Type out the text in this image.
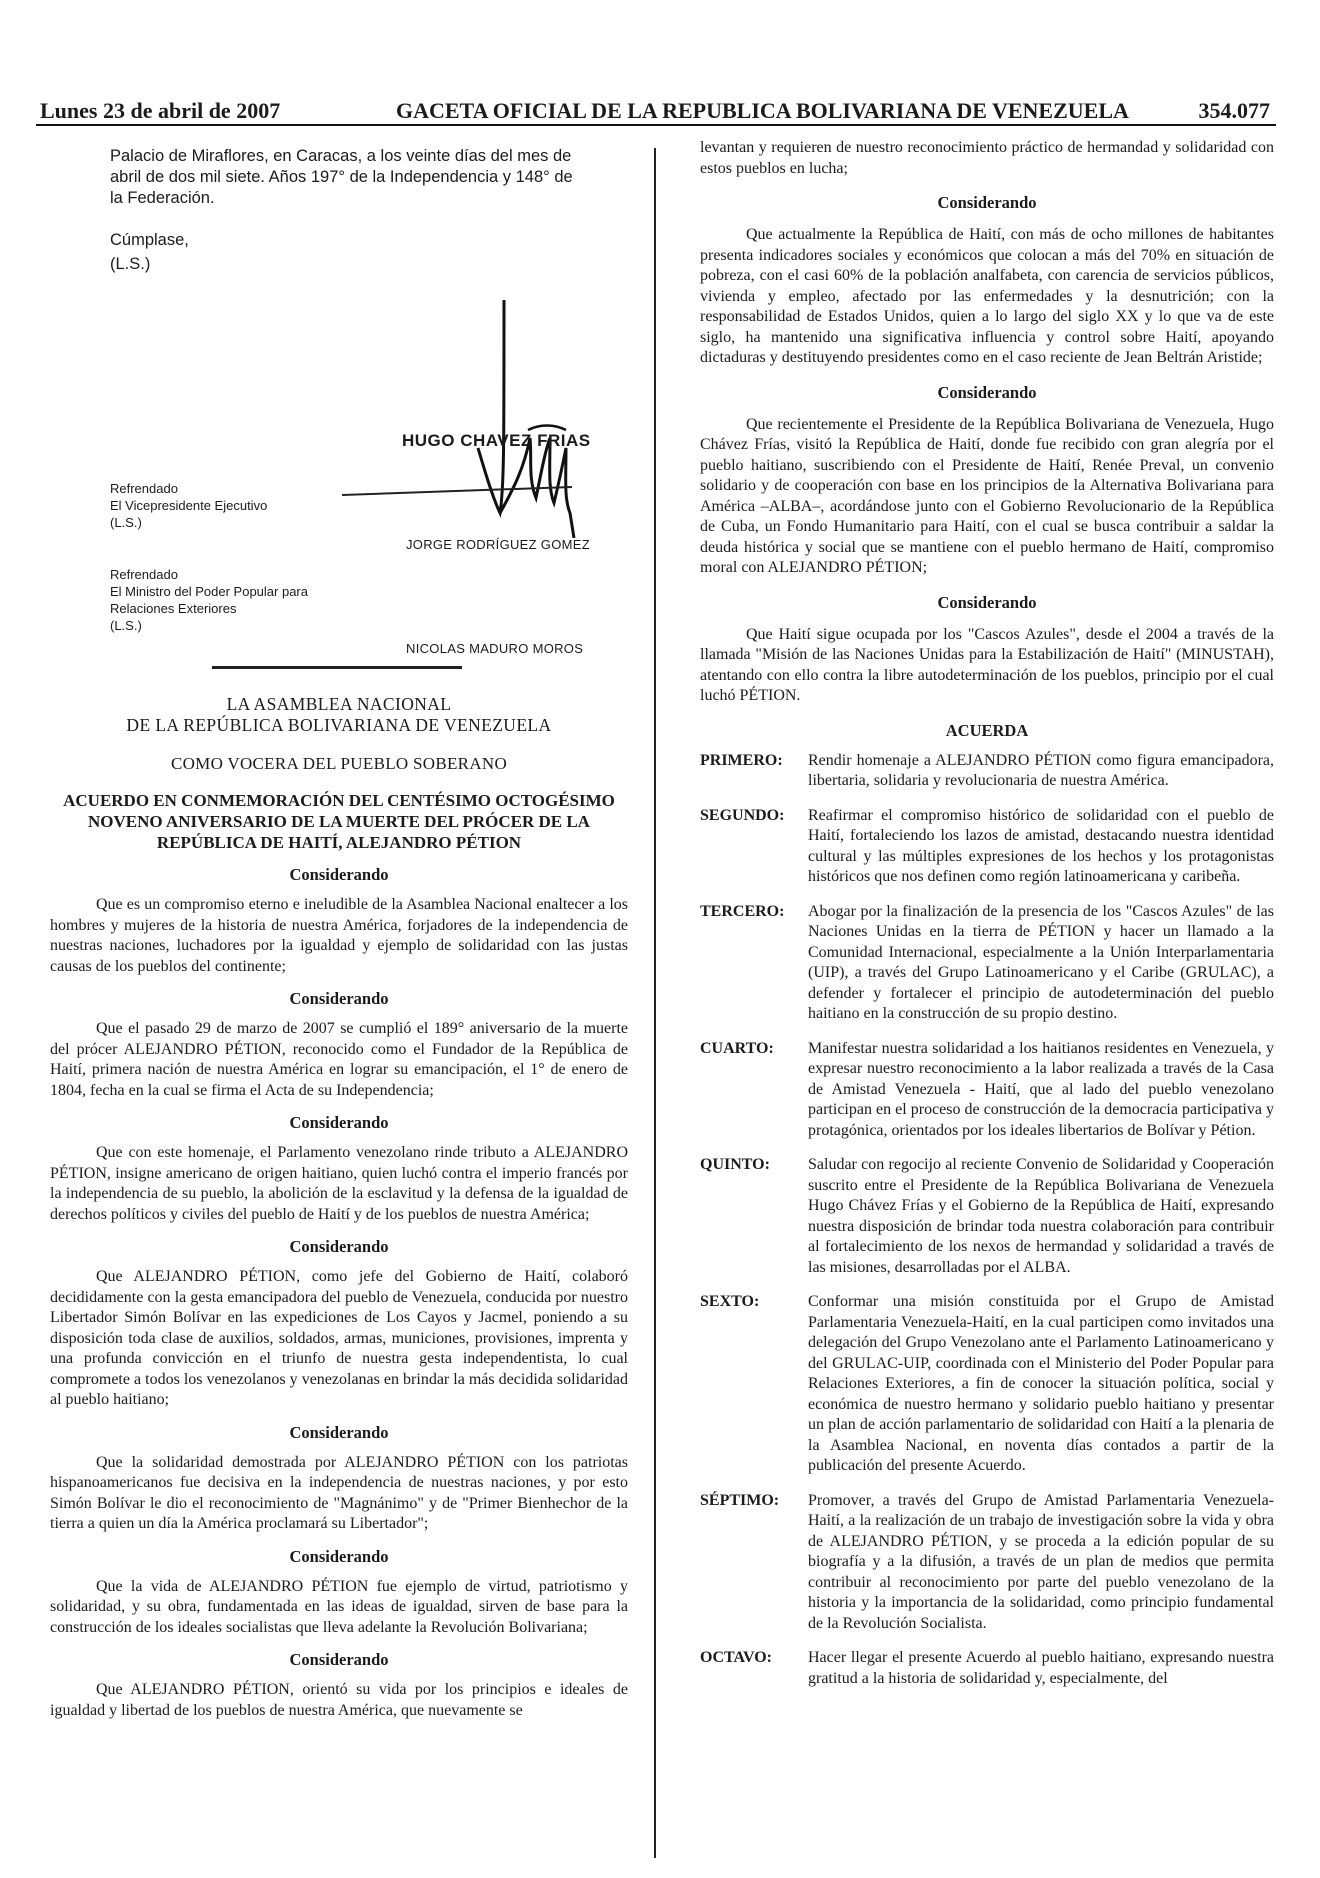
Lunes 23 de abril de 2007	GACETA OFICIAL DE LA REPUBLICA BOLIVARIANA DE VENEZUELA	354.077
Palacio de Miraflores, en Caracas, a los veinte días del mes de abril de dos mil siete. Años 197° de la Independencia y 148° de la Federación.
Cúmplase,
(L.S.)
HUGO CHAVEZ FRIAS
Refrendado
El Vicepresidente Ejecutivo
(L.S.)
JORGE RODRÍGUEZ GOMEZ
Refrendado
El Ministro del Poder Popular para Relaciones Exteriores
(L.S.)
NICOLAS MADURO MOROS
LA ASAMBLEA NACIONAL
DE LA REPÚBLICA BOLIVARIANA DE VENEZUELA
COMO VOCERA DEL PUEBLO SOBERANO
ACUERDO EN CONMEMORACIÓN DEL CENTÉSIMO OCTOGÉSIMO NOVENO ANIVERSARIO DE LA MUERTE DEL PRÓCER DE LA REPÚBLICA DE HAITÍ, ALEJANDRO PÉTION
Considerando

Que es un compromiso eterno e ineludible de la Asamblea Nacional enaltecer a los hombres y mujeres de la historia de nuestra América, forjadores de la independencia de nuestras naciones, luchadores por la igualdad y ejemplo de solidaridad con las justas causas de los pueblos del continente;

Considerando

Que el pasado 29 de marzo de 2007 se cumplió el 189° aniversario de la muerte del prócer ALEJANDRO PÉTION, reconocido como el Fundador de la República de Haití, primera nación de nuestra América en lograr su emancipación, el 1° de enero de 1804, fecha en la cual se firma el Acta de su Independencia;

Considerando

Que con este homenaje, el Parlamento venezolano rinde tributo a ALEJANDRO PÉTION, insigne americano de origen haitiano, quien luchó contra el imperio francés por la independencia de su pueblo, la abolición de la esclavitud y la defensa de la igualdad de derechos políticos y civiles del pueblo de Haití y de los pueblos de nuestra América;

Considerando

Que ALEJANDRO PÉTION, como jefe del Gobierno de Haití, colaboró decididamente con la gesta emancipadora del pueblo de Venezuela, conducida por nuestro Libertador Simón Bolívar en las expediciones de Los Cayos y Jacmel, poniendo a su disposición toda clase de auxilios, soldados, armas, municiones, provisiones, imprenta y una profunda convicción en el triunfo de nuestra gesta independentista, lo cual compromete a todos los venezolanos y venezolanas en brindar la más decidida solidaridad al pueblo haitiano;

Considerando

Que la solidaridad demostrada por ALEJANDRO PÉTION con los patriotas hispanoamericanos fue decisiva en la independencia de nuestras naciones, y por esto Simón Bolívar le dio el reconocimiento de "Magnánimo" y de "Primer Bienhechor de la tierra a quien un día la América proclamará su Libertador";

Considerando

Que la vida de ALEJANDRO PÉTION fue ejemplo de virtud, patriotismo y solidaridad, y su obra, fundamentada en las ideas de igualdad, sirven de base para la construcción de los ideales socialistas que lleva adelante la Revolución Bolivariana;

Considerando

Que ALEJANDRO PÉTION, orientó su vida por los principios e ideales de igualdad y libertad de los pueblos de nuestra América, que nuevamente se

levantan y requieren de nuestro reconocimiento práctico de hermandad y solidaridad con estos pueblos en lucha;

Considerando

Que actualmente la República de Haití, con más de ocho millones de habitantes presenta indicadores sociales y económicos que colocan a más del 70% en situación de pobreza, con el casi 60% de la población analfabeta, con carencia de servicios públicos, vivienda y empleo, afectado por las enfermedades y la desnutrición; con la responsabilidad de Estados Unidos, quien a lo largo del siglo XX y lo que va de este siglo, ha mantenido una significativa influencia y control sobre Haití, apoyando dictaduras y destituyendo presidentes como en el caso reciente de Jean Beltrán Aristide;

Considerando

Que recientemente el Presidente de la República Bolivariana de Venezuela, Hugo Chávez Frías, visitó la República de Haití, donde fue recibido con gran alegría por el pueblo haitiano, suscribiendo con el Presidente de Haití, Renée Preval, un convenio solidario y de cooperación con base en los principios de la Alternativa Bolivariana para América –ALBA–, acordándose junto con el Gobierno Revolucionario de la República de Cuba, un Fondo Humanitario para Haití, con el cual se busca contribuir a saldar la deuda histórica y social que se mantiene con el pueblo hermano de Haití, compromiso moral con ALEJANDRO PÉTION;

Considerando

Que Haití sigue ocupada por los "Cascos Azules", desde el 2004 a través de la llamada "Misión de las Naciones Unidas para la Estabilización de Haití" (MINUSTAH), atentando con ello contra la libre autodeterminación de los pueblos, principio por el cual luchó PÉTION.

ACUERDA
PRIMERO:	Rendir homenaje a ALEJANDRO PÉTION como figura emancipadora, libertaria, solidaria y revolucionaria de nuestra América.
SEGUNDO:	Reafirmar el compromiso histórico de solidaridad con el pueblo de Haití, fortaleciendo los lazos de amistad, destacando nuestra identidad cultural y las múltiples expresiones de los hechos y los protagonistas históricos que nos definen como región latinoamericana y caribeña.
TERCERO:	Abogar por la finalización de la presencia de los "Cascos Azules" de las Naciones Unidas en la tierra de PÉTION y hacer un llamado a la Comunidad Internacional, especialmente a la Unión Interparlamentaria (UIP), a través del Grupo Latinoamericano y el Caribe (GRULAC), a defender y fortalecer el principio de autodeterminación del pueblo haitiano en la construcción de su propio destino.
CUARTO:	Manifestar nuestra solidaridad a los haitianos residentes en Venezuela, y expresar nuestro reconocimiento a la labor realizada a través de la Casa de Amistad Venezuela - Haití, que al lado del pueblo venezolano participan en el proceso de construcción de la democracia participativa y protagónica, orientados por los ideales libertarios de Bolívar y Pétion.
QUINTO:	Saludar con regocijo al reciente Convenio de Solidaridad y Cooperación suscrito entre el Presidente de la República Bolivariana de Venezuela Hugo Chávez Frías y el Gobierno de la República de Haití, expresando nuestra disposición de brindar toda nuestra colaboración para contribuir al fortalecimiento de los nexos de hermandad y solidaridad a través de las misiones, desarrolladas por el ALBA.
SEXTO:	Conformar una misión constituida por el Grupo de Amistad Parlamentaria Venezuela-Haití, en la cual participen como invitados una delegación del Grupo Venezolano ante el Parlamento Latinoamericano y del GRULAC-UIP, coordinada con el Ministerio del Poder Popular para Relaciones Exteriores, a fin de conocer la situación política, social y económica de nuestro hermano y solidario pueblo haitiano y presentar un plan de acción parlamentario de solidaridad con Haití a la plenaria de la Asamblea Nacional, en noventa días contados a partir de la publicación del presente Acuerdo.
SÉPTIMO:	Promover, a través del Grupo de Amistad Parlamentaria Venezuela-Haití, a la realización de un trabajo de investigación sobre la vida y obra de ALEJANDRO PÉTION, y se proceda a la edición popular de su biografía y a la difusión, a través de un plan de medios que permita contribuir al reconocimiento por parte del pueblo venezolano de la historia y la importancia de la solidaridad, como principio fundamental de la Revolución Socialista.
OCTAVO:	Hacer llegar el presente Acuerdo al pueblo haitiano, expresando nuestra gratitud a la historia de solidaridad y, especialmente, del
